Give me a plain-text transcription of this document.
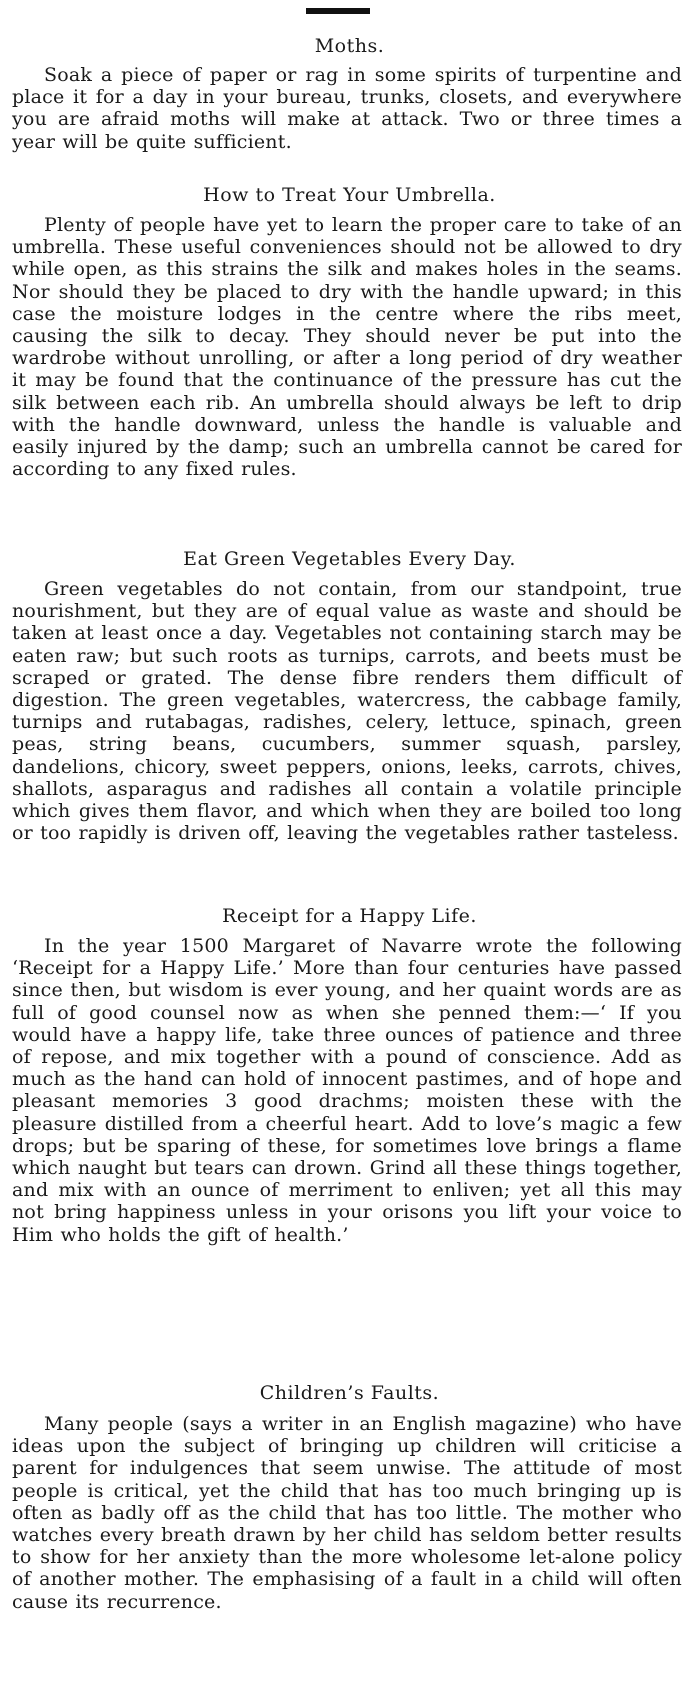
Moths.

Soak a piece of paper or rag in some spirits of turpentine and place it for a day in your bureau, trunks, closets, and everywhere you are afraid moths will make at attack. Two or three times a year will be quite sufficient.

How to Treat Your Umbrella.

Plenty of people have yet to learn the proper care to take of an umbrella. These useful conveniences should not be allowed to dry while open, as this strains the silk and makes holes in the seams. Nor should they be placed to dry with the handle upward; in this case the moisture lodges in the centre where the ribs meet, causing the silk to decay. They should never be put into the wardrobe without unrolling, or after a long period of dry weather it may be found that the continuance of the pressure has cut the silk between each rib. An umbrella should always be left to drip with the handle downward, unless the handle is valuable and easily injured by the damp; such an umbrella cannot be cared for according to any fixed rules.

Eat Green Vegetables Every Day.

Green vegetables do not contain, from our standpoint, true nourishment, but they are of equal value as waste and should be taken at least once a day. Vegetables not containing starch may be eaten raw; but such roots as turnips, carrots, and beets must be scraped or grated. The dense fibre renders them difficult of digestion. The green vegetables, watercress, the cabbage family, turnips and rutabagas, radishes, celery, lettuce, spinach, green peas, string beans, cucumbers, summer squash, parsley, dandelions, chicory, sweet peppers, onions, leeks, carrots, chives, shallots, asparagus and radishes all contain a volatile principle which gives them flavor, and which when they are boiled too long or too rapidly is driven off, leaving the vegetables rather tasteless.

Receipt for a Happy Life.

In the year 1500 Margaret of Navarre wrote the following ‘Receipt for a Happy Life.’ More than four centuries have passed since then, but wisdom is ever young, and her quaint words are as full of good counsel now as when she penned them:—‘ If you would have a happy life, take three ounces of patience and three of repose, and mix together with a pound of conscience. Add as much as the hand can hold of innocent pastimes, and of hope and pleasant memories 3 good drachms; moisten these with the pleasure distilled from a cheerful heart. Add to love’s magic a few drops; but be sparing of these, for sometimes love brings a flame which naught but tears can drown. Grind all these things together, and mix with an ounce of merriment to enliven; yet all this may not bring happiness unless in your orisons you lift your voice to Him who holds the gift of health.’

Children’s Faults.

Many people (says a writer in an English magazine) who have ideas upon the subject of bringing up children will criticise a parent for indulgences that seem unwise. The attitude of most people is critical, yet the child that has too much bringing up is often as badly off as the child that has too little. The mother who watches every breath drawn by her child has seldom better results to show for her anxiety than the more wholesome let-alone policy of another mother. The emphasising of a fault in a child will often cause its recurrence.
